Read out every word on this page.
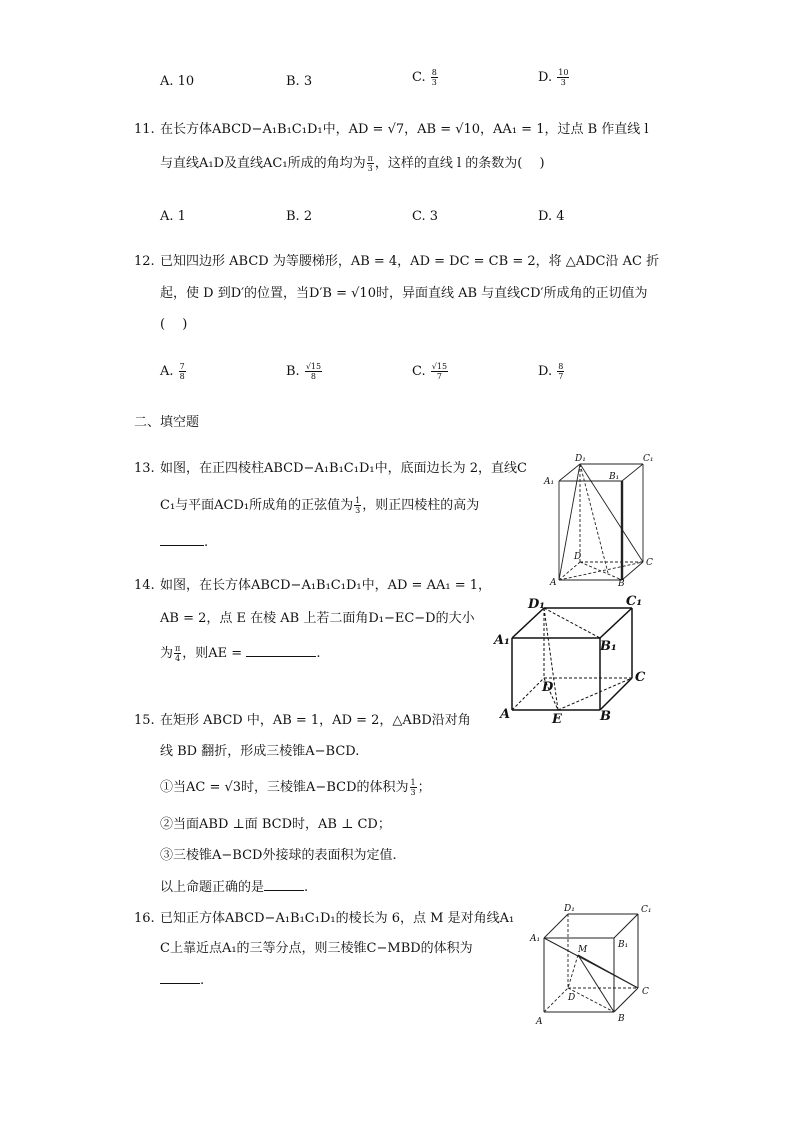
A. 10	B. 3	C. $\frac{8}{3}$	D. $\frac{10}{3}$
11. 在长方体ABCD−A₁B₁C₁D₁中，AD = √7，AB = √10，AA₁ = 1，过点 B 作直线 l
与直线A₁D及直线AC₁所成的角均为 $\frac{\pi}{3}$ ，这样的直线 l 的条数为(　 )
A. 1	B. 2	C. 3	D. 4
12. 已知四边形 ABCD 为等腰梯形，AB = 4，AD = DC = CB = 2，将 △ADC沿 AC 折
起，使 D 到D′的位置，当D′B = √10时，异面直线 AB 与直线CD′所成角的正切值为
(　 )
A. $\frac{7}{8}$	B. $\frac{√15}{8}$	C. $\frac{√15}{7}$	D. $\frac{8}{7}$
二、填空题
13. 如图，在正四棱柱ABCD−A₁B₁C₁D₁中，底面边长为 2，直线C
C₁与平面ACD₁所成角的正弦值为 $\frac{1}{3}$ ，则正四棱柱的高为
.
D₁	C₁
A₁	B₁
D
C
A	B
14. 如图，在长方体ABCD−A₁B₁C₁D₁中，AD = AA₁ = 1，
AB = 2，点 E 在棱 AB 上若二面角D₁−EC−D的大小
为 $\frac{\pi}{4}$ ，则AE =	.
D₁	C₁
A₁	B₁
D
C
A	E	B
15. 在矩形 ABCD 中，AB = 1，AD = 2，△ABD沿对角
线 BD 翻折，形成三棱锥A−BCD.
①当AC = √3时，三棱锥A−BCD的体积为 $\frac{1}{3}$ ；
②当面ABD ⊥面 BCD时，AB ⊥ CD；
③三棱锥A−BCD外接球的表面积为定值.
以上命题正确的是	.
16. 已知正方体ABCD−A₁B₁C₁D₁的棱长为 6，点 M 是对角线A₁
C上靠近点A₁的三等分点，则三棱锥C−MBD的体积为
.
D₁	C₁
A₁
B₁
M
D
C
A	B
